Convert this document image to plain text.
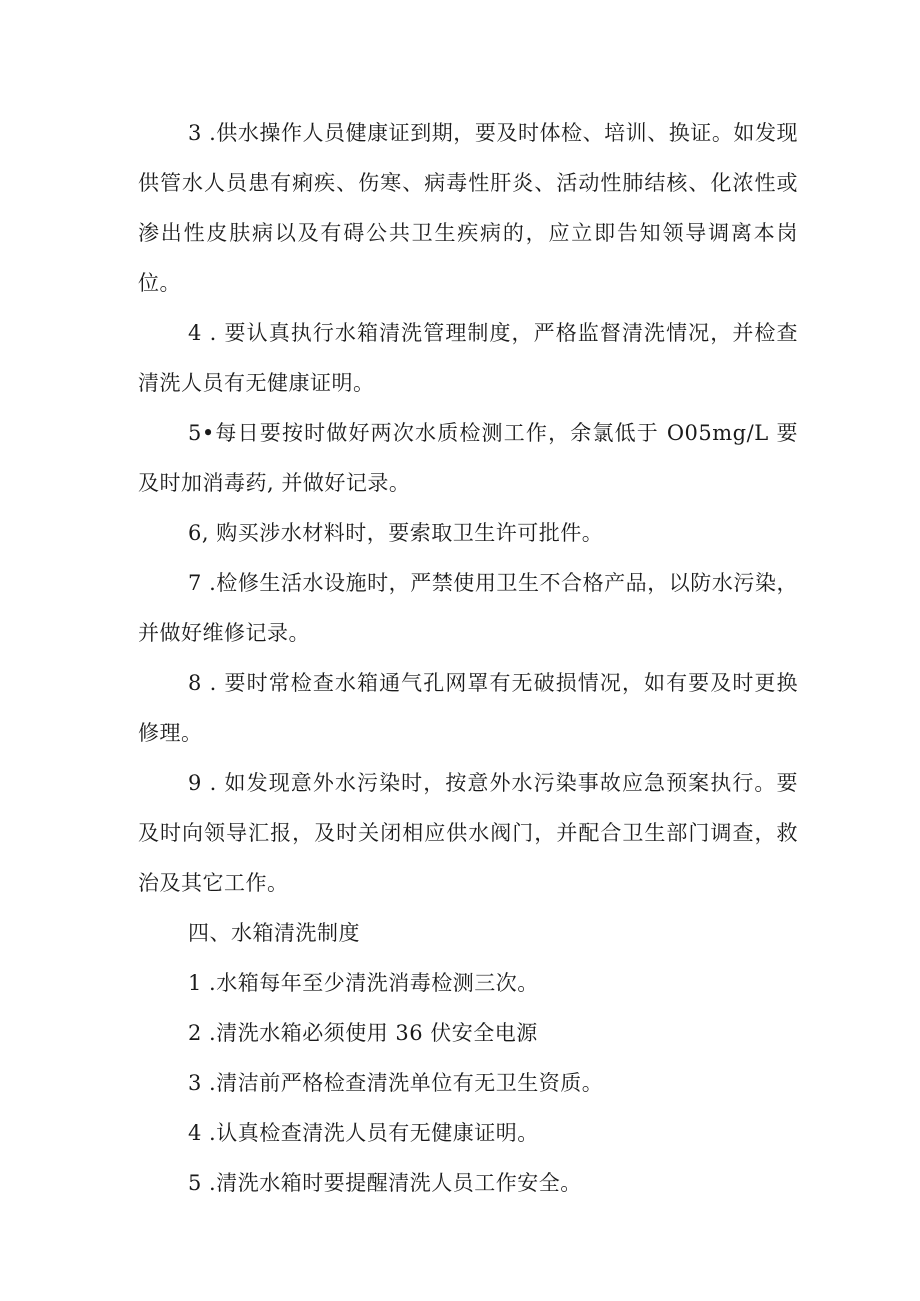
3 .供水操作人员健康证到期，要及时体检、培训、换证。如发现供管水人员患有痢疾、伤寒、病毒性肝炎、活动性肺结核、化浓性或渗出性皮肤病以及有碍公共卫生疾病的，应立即告知领导调离本岗位。

4 . 要认真执行水箱清洗管理制度，严格监督清洗情况，并检查清洗人员有无健康证明。

5•每日要按时做好两次水质检测工作，余氯低于 O05mg/L 要及时加消毒药, 并做好记录。

6, 购买涉水材料时，要索取卫生许可批件。

7 .检修生活水设施时，严禁使用卫生不合格产品，以防水污染，并做好维修记录。

8 . 要时常检查水箱通气孔网罩有无破损情况，如有要及时更换修理。

9 . 如发现意外水污染时，按意外水污染事故应急预案执行。要及时向领导汇报，及时关闭相应供水阀门，并配合卫生部门调查，救治及其它工作。

四、水箱清洗制度

1 .水箱每年至少清洗消毒检测三次。

2 .清洗水箱必须使用 36 伏安全电源

3 .清洁前严格检查清洗单位有无卫生资质。

4 .认真检查清洗人员有无健康证明。

5 .清洗水箱时要提醒清洗人员工作安全。
